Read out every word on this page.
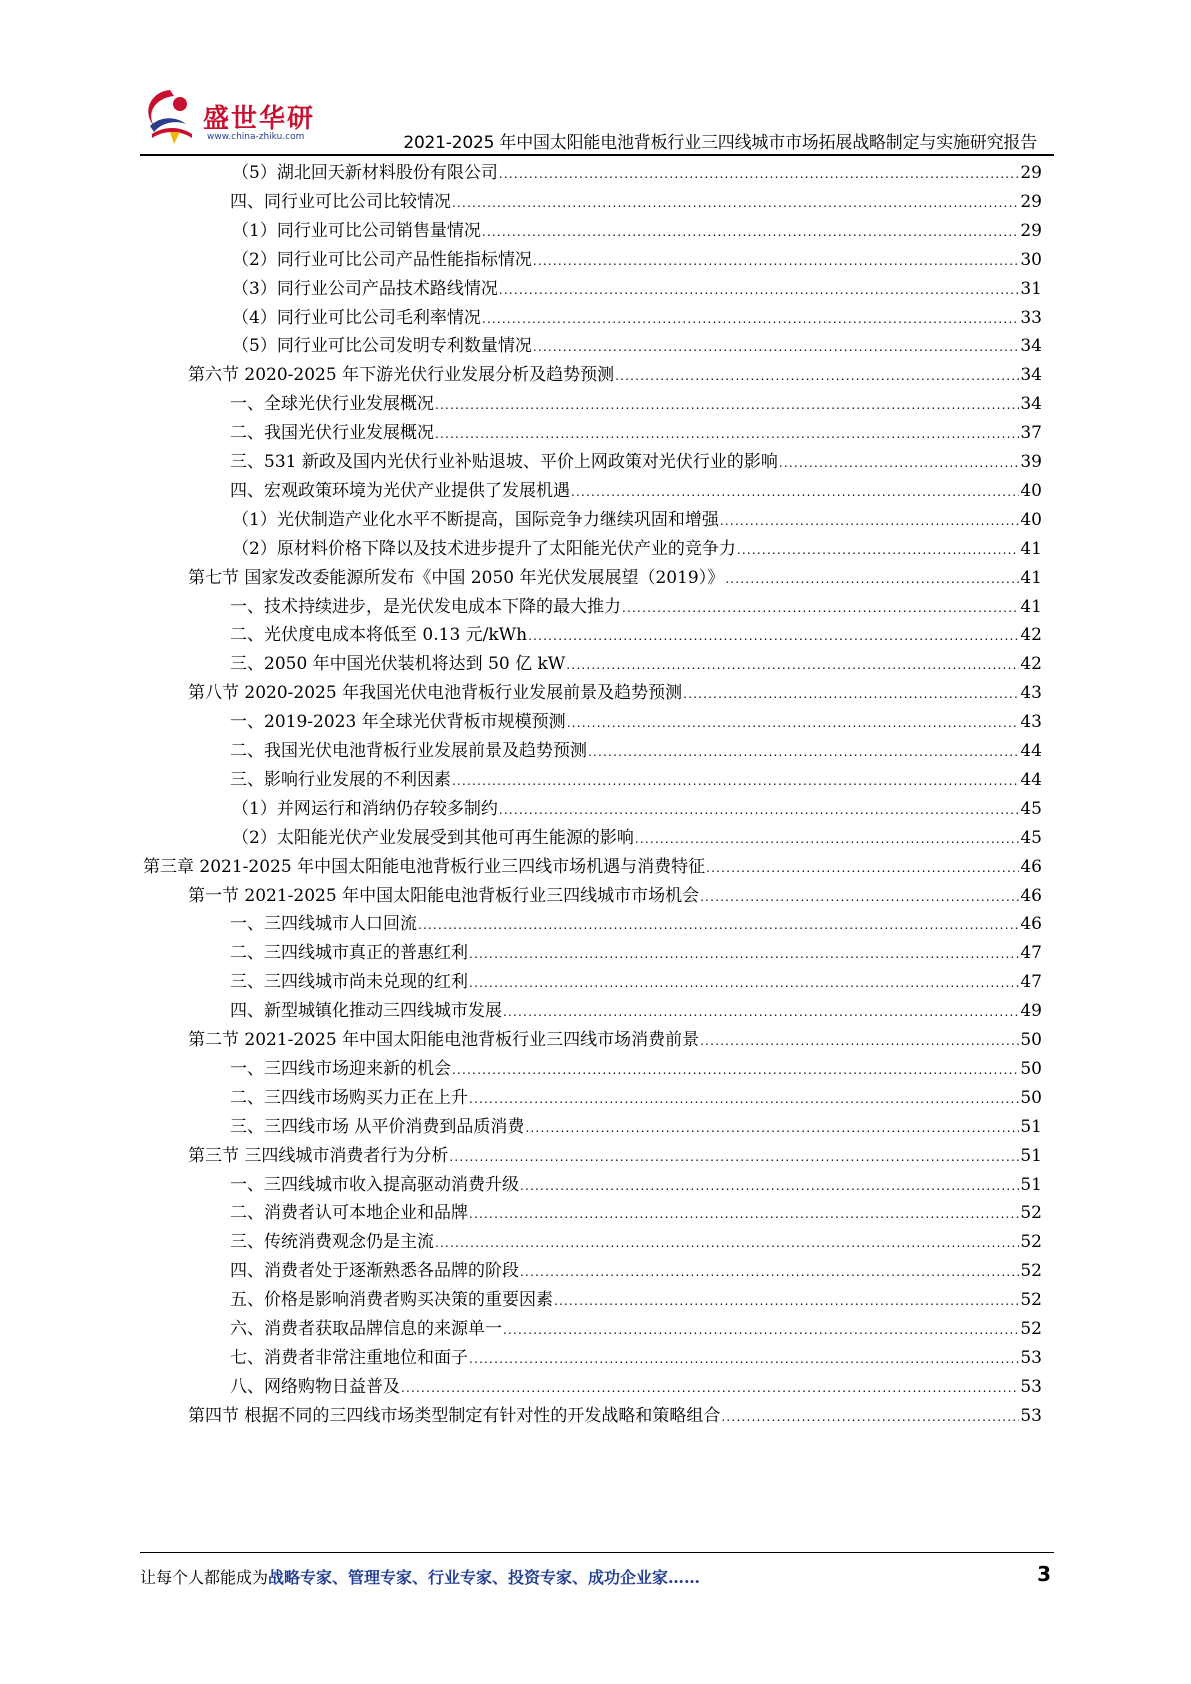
盛世华研
www.china-zhiku.com	2021-2025 年中国太阳能电池背板行业三四线城市市场拓展战略制定与实施研究报告
（5）湖北回天新材料股份有限公司 .....	29
四、同行业可比公司比较情况 .....	29
（1）同行业可比公司销售量情况 .....	29
（2）同行业可比公司产品性能指标情况 .....	30
（3）同行业公司产品技术路线情况 .....	31
（4）同行业可比公司毛利率情况 .....	33
（5）同行业可比公司发明专利数量情况 .....	34
第六节 2020-2025 年下游光伏行业发展分析及趋势预测 .....	34
一、全球光伏行业发展概况 .....	34
二、我国光伏行业发展概况 .....	37
三、531 新政及国内光伏行业补贴退坡、平价上网政策对光伏行业的影响 .....	39
四、宏观政策环境为光伏产业提供了发展机遇 .....	40
（1）光伏制造产业化水平不断提高，国际竞争力继续巩固和增强 .....	40
（2）原材料价格下降以及技术进步提升了太阳能光伏产业的竞争力 .....	41
第七节 国家发改委能源所发布《中国 2050 年光伏发展展望（2019）》 .....	41
一、技术持续进步，是光伏发电成本下降的最大推力 .....	41
二、光伏度电成本将低至 0.13 元/kWh .....	42
三、2050 年中国光伏装机将达到 50 亿 kW .....	42
第八节 2020-2025 年我国光伏电池背板行业发展前景及趋势预测 .....	43
一、2019-2023 年全球光伏背板市规模预测 .....	43
二、我国光伏电池背板行业发展前景及趋势预测 .....	44
三、影响行业发展的不利因素 .....	44
（1）并网运行和消纳仍存较多制约 .....	45
（2）太阳能光伏产业发展受到其他可再生能源的影响 .....	45
第三章 2021-2025 年中国太阳能电池背板行业三四线市场机遇与消费特征 .....	46
第一节 2021-2025 年中国太阳能电池背板行业三四线城市市场机会 .....	46
一、三四线城市人口回流 .....	46
二、三四线城市真正的普惠红利 .....	47
三、三四线城市尚未兑现的红利 .....	47
四、新型城镇化推动三四线城市发展 .....	49
第二节 2021-2025 年中国太阳能电池背板行业三四线市场消费前景 .....	50
一、三四线市场迎来新的机会 .....	50
二、三四线市场购买力正在上升 .....	50
三、三四线市场 从平价消费到品质消费 .....	51
第三节 三四线城市消费者行为分析 .....	51
一、三四线城市收入提高驱动消费升级 .....	51
二、消费者认可本地企业和品牌 .....	52
三、传统消费观念仍是主流 .....	52
四、消费者处于逐渐熟悉各品牌的阶段 .....	52
五、价格是影响消费者购买决策的重要因素 .....	52
六、消费者获取品牌信息的来源单一 .....	52
七、消费者非常注重地位和面子 .....	53
八、网络购物日益普及 .....	53
第四节 根据不同的三四线市场类型制定有针对性的开发战略和策略组合 .....	53
让每个人都能成为战略专家、管理专家、行业专家、投资专家、成功企业家……	3
